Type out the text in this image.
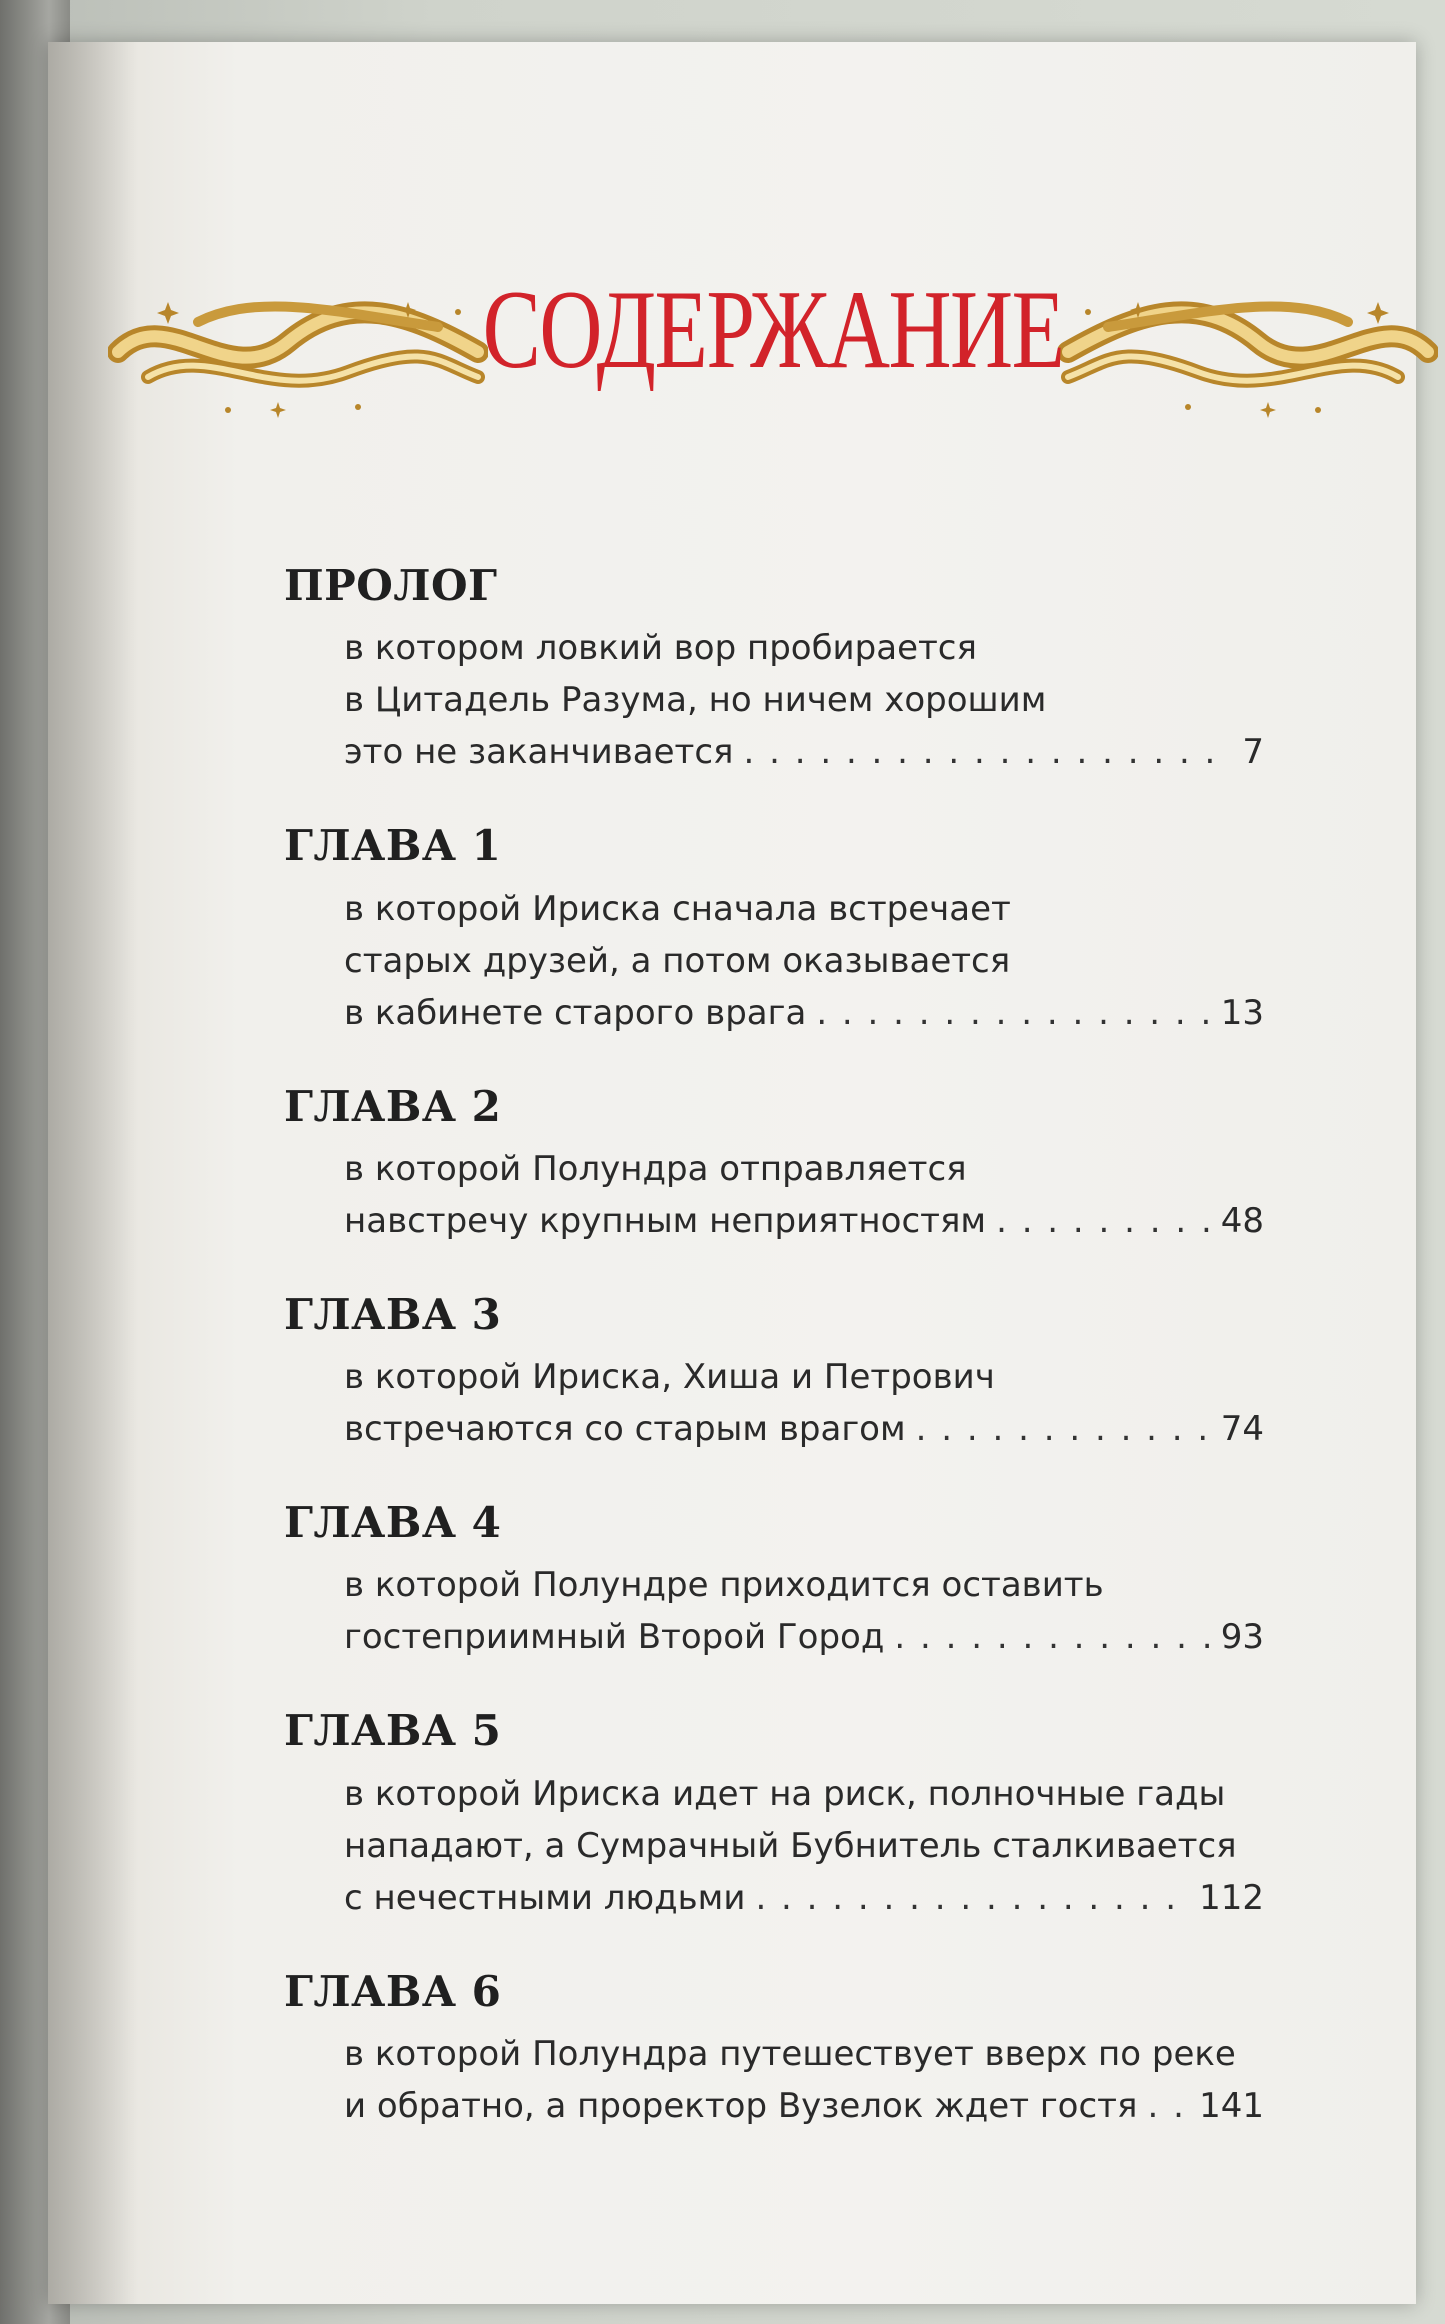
СОДЕРЖАНИЕ
ПРОЛОГ
в котором ловкий вор пробирается
в Цитадель Разума, но ничем хорошим
это не заканчивается . . .	7
ГЛАВА 1
в которой Ириска сначала встречает
старых друзей, а потом оказывается
в кабинете старого врага . . .	13
ГЛАВА 2
в которой Полундра отправляется
навстречу крупным неприятностям . . .	48
ГЛАВА 3
в которой Ириска, Хиша и Петрович
встречаются со старым врагом . . .	74
ГЛАВА 4
в которой Полундре приходится оставить
гостеприимный Второй Город . . .	93
ГЛАВА 5
в которой Ириска идет на риск, полночные гады
нападают, а Сумрачный Бубнитель сталкивается
с нечестными людьми . . .	112
ГЛАВА 6
в которой Полундра путешествует вверх по реке
и обратно, а проректор Вузелок ждет гостя . . . 141
